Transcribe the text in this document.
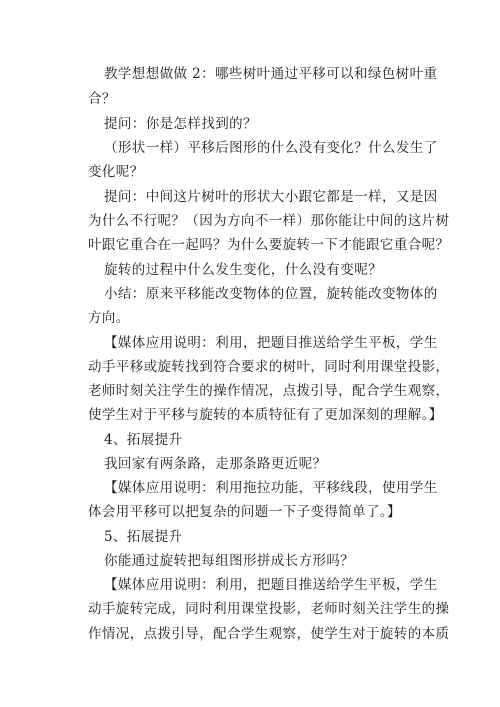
教学想想做做 2：哪些树叶通过平移可以和绿色树叶重
合？
提问：你是怎样找到的？
（形状一样）平移后图形的什么没有变化？什么发生了
变化呢？
提问：中间这片树叶的形状大小跟它都是一样，又是因
为什么不行呢？（因为方向不一样）那你能让中间的这片树
叶跟它重合在一起吗？为什么要旋转一下才能跟它重合呢？
旋转的过程中什么发生变化，什么没有变呢？
小结：原来平移能改变物体的位置，旋转能改变物体的
方向。
【媒体应用说明：利用，把题目推送给学生平板，学生
动手平移或旋转找到符合要求的树叶，同时利用课堂投影，
老师时刻关注学生的操作情况，点拨引导，配合学生观察，
使学生对于平移与旋转的本质特征有了更加深刻的理解。】
4、拓展提升
我回家有两条路，走那条路更近呢？
【媒体应用说明：利用拖拉功能，平移线段，使用学生
体会用平移可以把复杂的问题一下子变得简单了。】
5、拓展提升
你能通过旋转把每组图形拼成长方形吗？
【媒体应用说明：利用，把题目推送给学生平板，学生
动手旋转完成，同时利用课堂投影，老师时刻关注学生的操
作情况，点拨引导，配合学生观察，使学生对于旋转的本质
